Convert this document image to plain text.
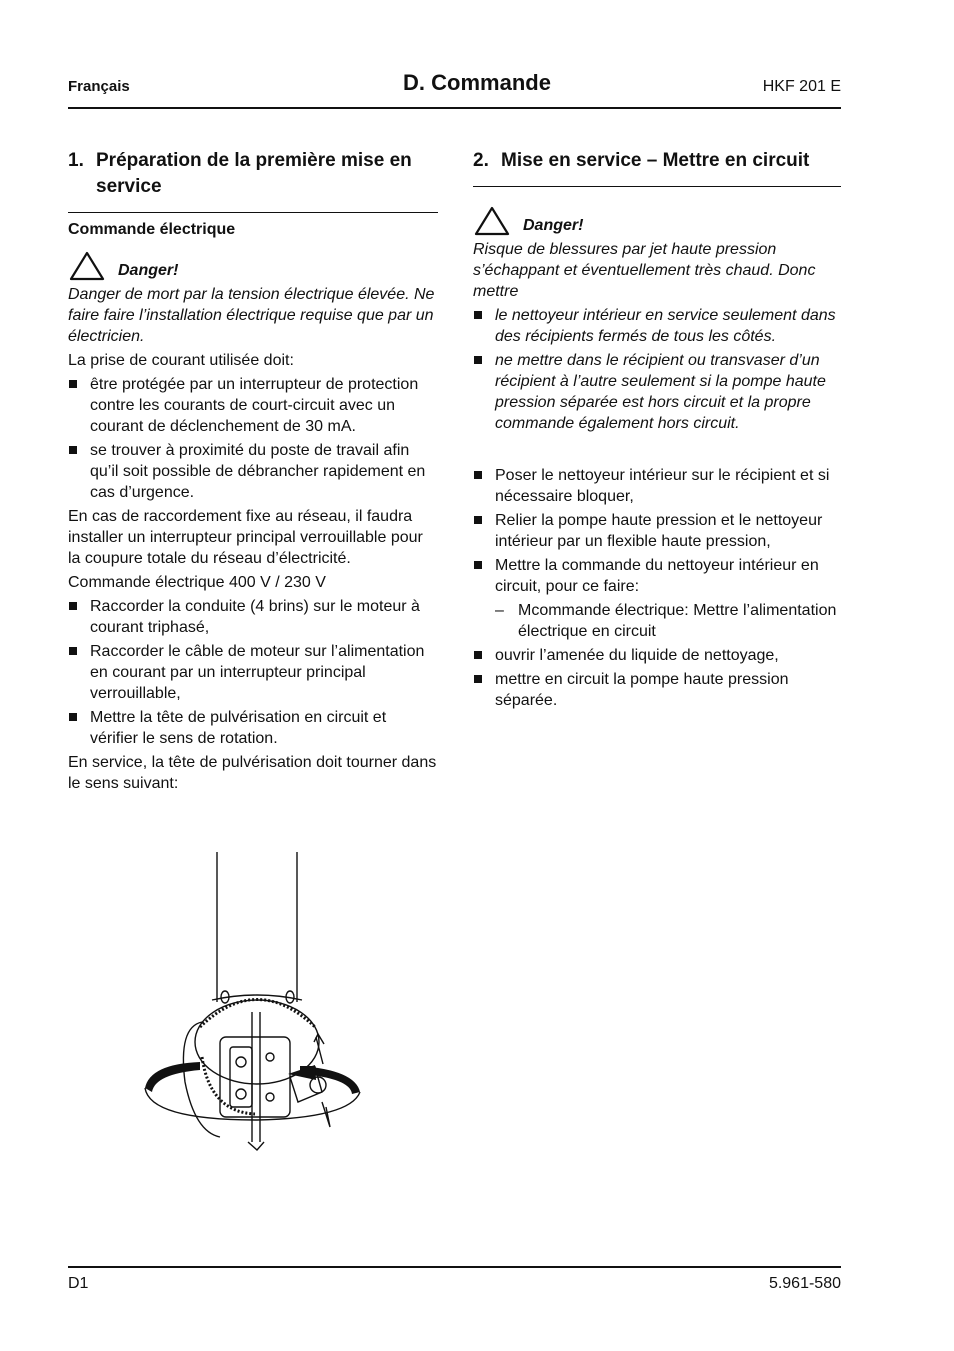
Français	D. Commande	HKF 201 E
1. Préparation de la première mise en service
Commande électrique
Danger!

Danger de mort par la tension électrique élevée. Ne faire faire l’installation électrique requise que par un électricien.

La prise de courant utilisée doit:

être protégée par un interrupteur de protection contre les courants de court-circuit avec un courant de déclenchement de 30 mA.
se trouver à proximité du poste de travail afin qu’il soit possible de débrancher rapidement en cas d’urgence.

En cas de raccordement fixe au réseau, il faudra installer un interrupteur principal verrouillable pour la coupure totale du réseau d’électricité.

Commande électrique 400 V / 230 V

Raccorder la conduite (4 brins) sur le moteur à courant triphasé,
Raccorder le câble de moteur sur l’alimentation en courant par un interrupteur principal verrouillable,
Mettre la tête de pulvérisation en circuit et vérifier le sens de rotation.

En service, la tête de pulvérisation doit tourner dans le sens suivant:

2. Mise en service – Mettre en circuit
Danger!

Risque de blessures par jet haute pression s’échappant et éventuellement très chaud. Donc mettre

le nettoyeur intérieur en service seulement dans des récipients fermés de tous les côtés.
ne mettre dans le récipient ou transvaser d’un récipient à l’autre seulement si la pompe haute pression séparée est hors circuit et la propre commande également hors circuit.
Poser le nettoyeur intérieur sur le récipient et si nécessaire bloquer,
Relier la pompe haute pression et le nettoyeur intérieur par un flexible haute pression,
Mettre la commande du nettoyeur intérieur en circuit, pour ce faire:
– Mcommande électrique: Mettre l’alimentation électrique en circuit
ouvrir l’amenée du liquide de nettoyage,
mettre en circuit la pompe haute pression séparée.
D1	5.961-580
